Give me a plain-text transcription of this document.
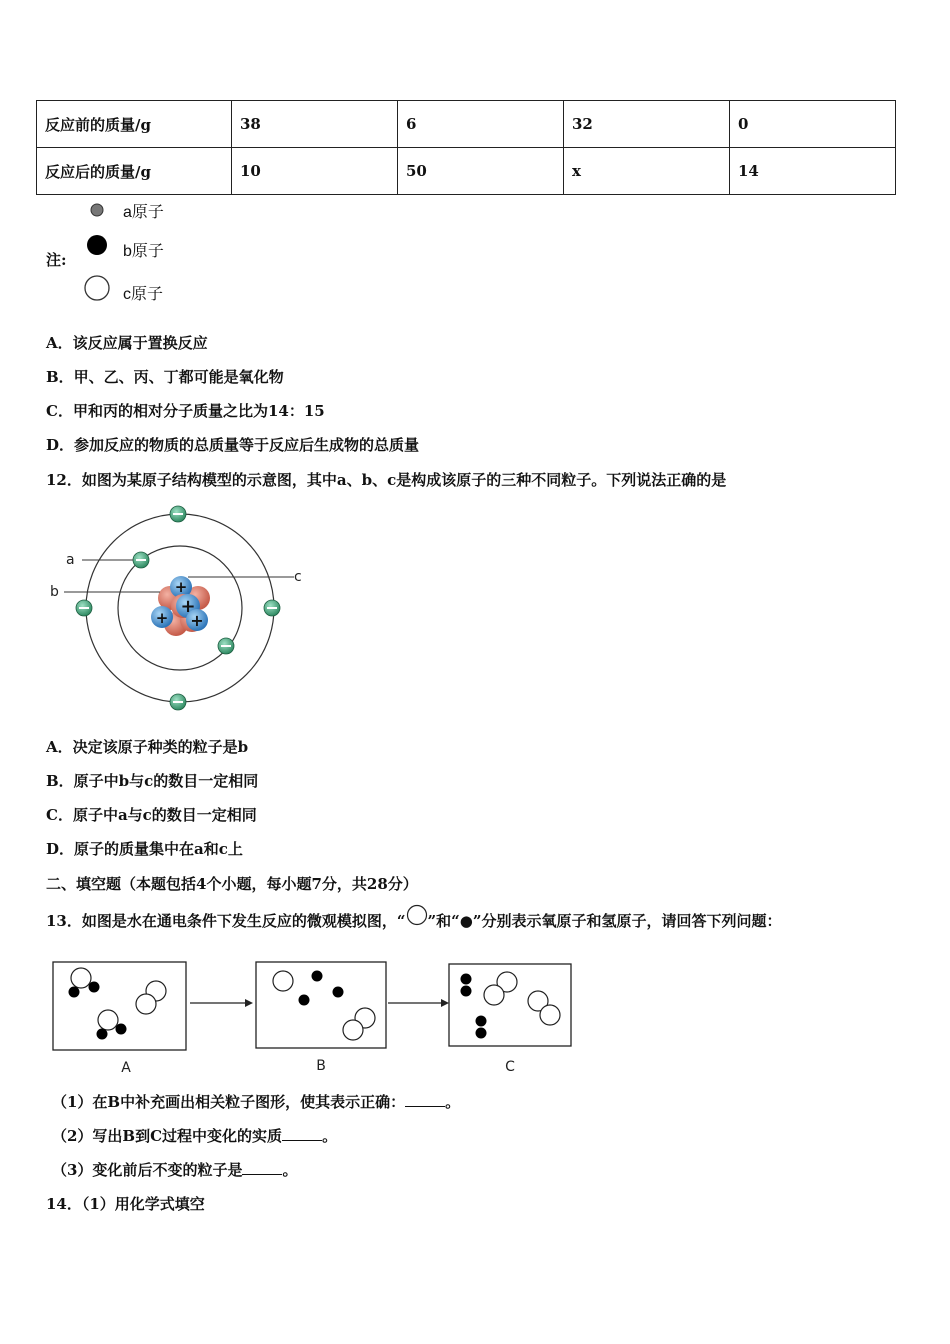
反应前的质量/g	38	6	32	0
反应后的质量/g	10	50	x	14
注:
a原子
b原子
c原子
A．该反应属于置换反应
B．甲、乙、丙、丁都可能是氧化物
C．甲和丙的相对分子质量之比为14：15
D．参加反应的物质的总质量等于反应后生成物的总质量
12．如图为某原子结构模型的示意图，其中a、b、c是构成该原子的三种不同粒子。下列说法正确的是
+
+
+
+
a
b
c
A．决定该原子种类的粒子是b
B．原子中b与c的数目一定相同
C．原子中a与c的数目一定相同
D．原子的质量集中在a和c上
二、填空题（本题包括4个小题，每小题7分，共28分）
13．如图是水在通电条件下发生反应的微观模拟图，“ ”和“●”分别表示氧原子和氢原子，请回答下列问题：
A	B	C
（1）在B中补充画出相关粒子图形，使其表示正确：	。
（2）写出B到C过程中变化的实质	。
（3）变化前后不变的粒子是	。
14．（1）用化学式填空
